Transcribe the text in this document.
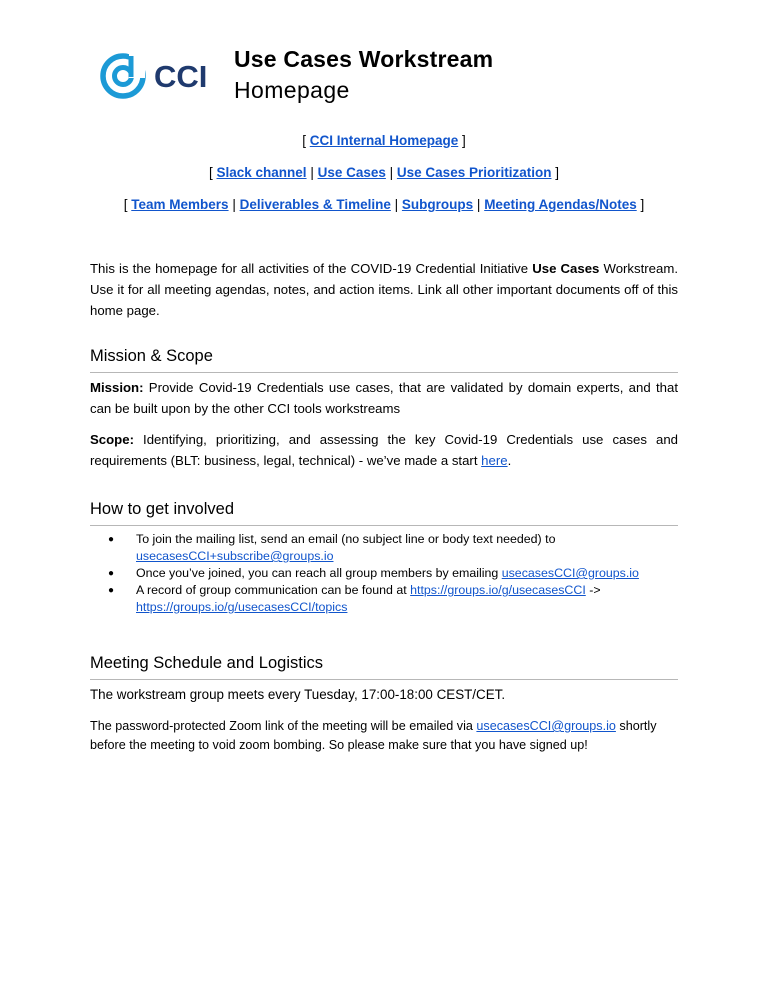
CCI Use Cases Workstream
Homepage
[ CCI Internal Homepage ]
[ Slack channel | Use Cases | Use Cases Prioritization ]
[ Team Members | Deliverables & Timeline | Subgroups | Meeting Agendas/Notes ]
This is the homepage for all activities of the COVID-19 Credential Initiative Use Cases Workstream. Use it for all meeting agendas, notes, and action items. Link all other important documents off of this home page.
Mission & Scope
Mission: Provide Covid-19 Credentials use cases, that are validated by domain experts, and that can be built upon by the other CCI tools workstreams
Scope: Identifying, prioritizing, and assessing the key Covid-19 Credentials use cases and requirements (BLT: business, legal, technical) - we’ve made a start here.
How to get involved
● To join the mailing list, send an email (no subject line or body text needed) to usecasesCCI+subscribe@groups.io
● Once you’ve joined, you can reach all group members by emailing usecasesCCI@groups.io
● A record of group communication can be found at https://groups.io/g/usecasesCCI -> https://groups.io/g/usecasesCCI/topics
Meeting Schedule and Logistics
The workstream group meets every Tuesday, 17:00-18:00 CEST/CET.
The password-protected Zoom link of the meeting will be emailed via usecasesCCI@groups.io shortly before the meeting to void zoom bombing. So please make sure that you have signed up!
